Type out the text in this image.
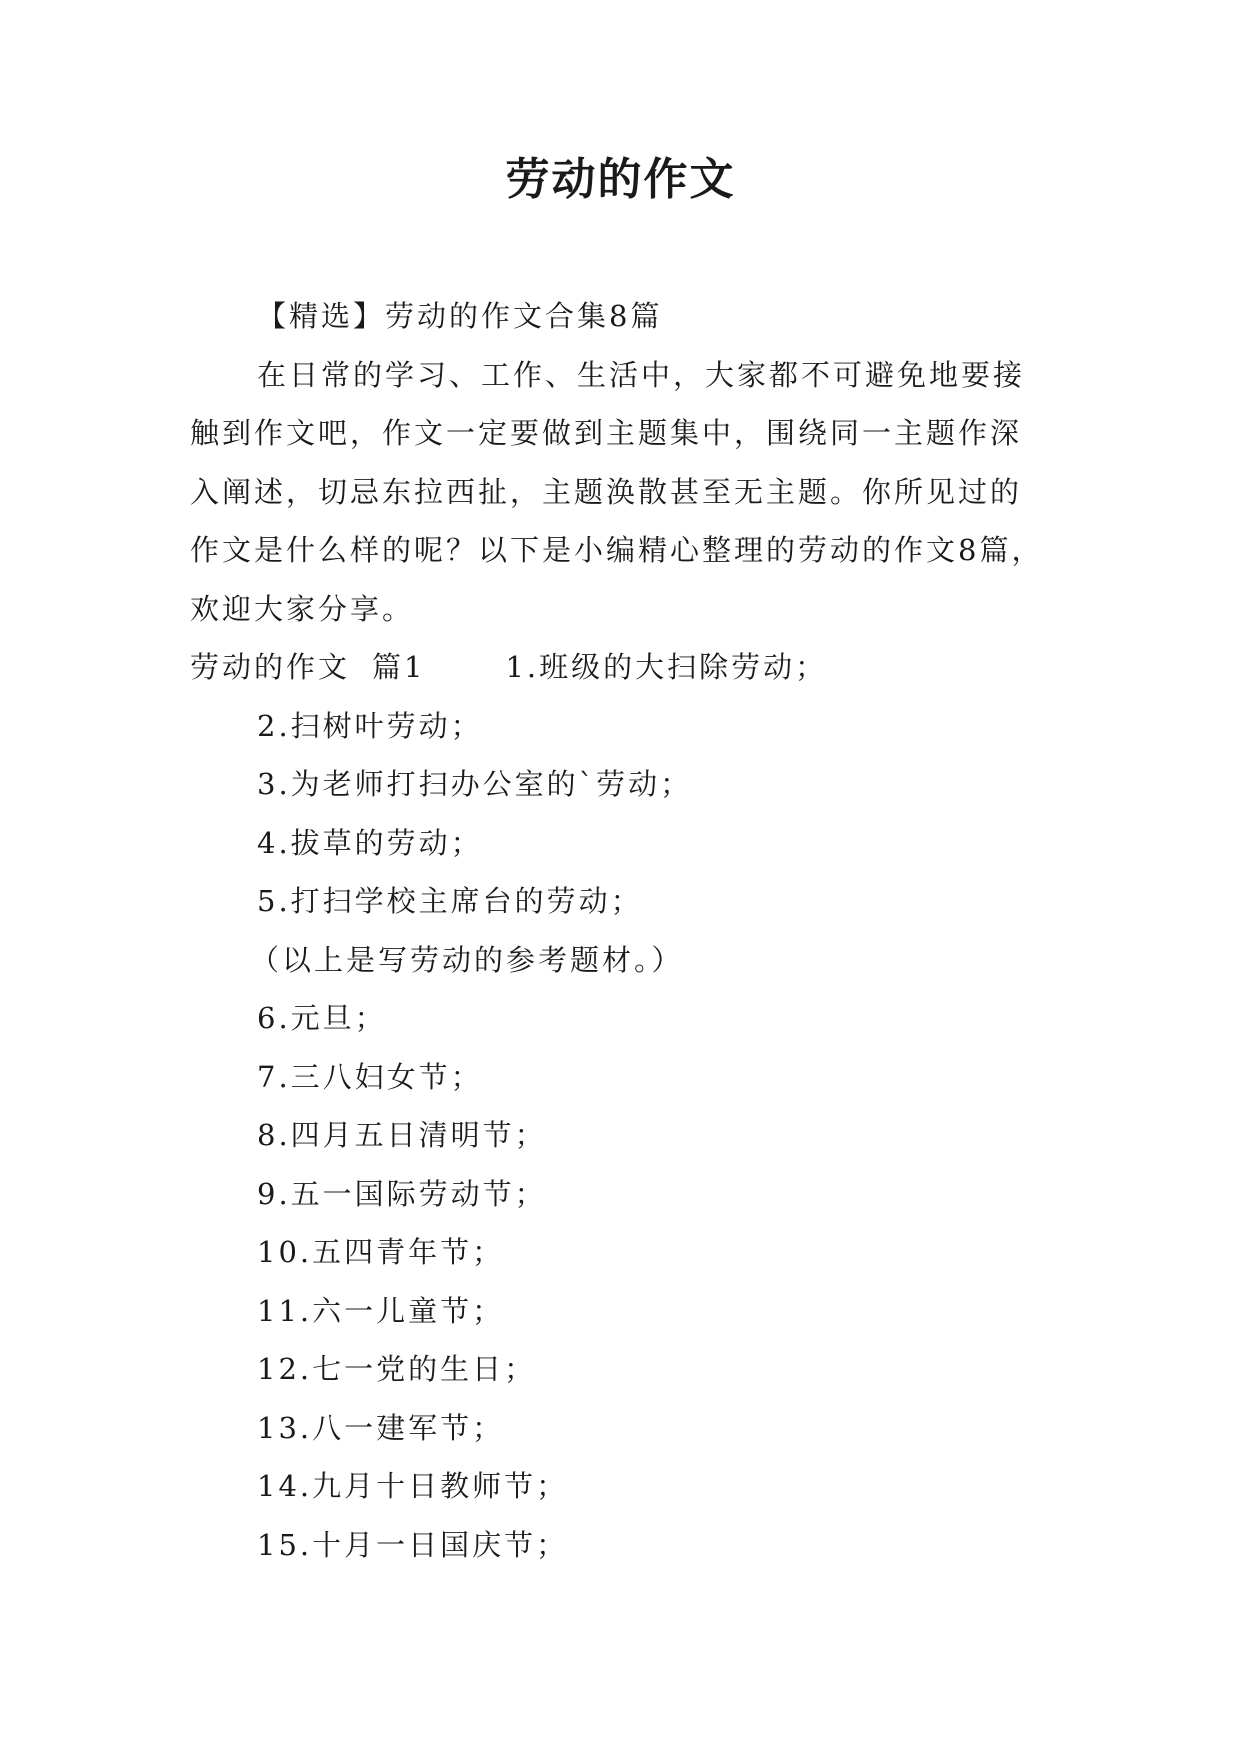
劳动的作文
【精选】劳动的作文合集8篇
在日常的学习、工作、生活中，大家都不可避免地要接
触到作文吧，作文一定要做到主题集中，围绕同一主题作深
入阐述，切忌东拉西扯，主题涣散甚至无主题。你所见过的
作文是什么样的呢？以下是小编精心整理的劳动的作文8篇，
欢迎大家分享。
劳动的作文 篇1	1.班级的大扫除劳动；
2.扫树叶劳动；
3.为老师打扫办公室的`劳动；
4.拔草的劳动；
5.打扫学校主席台的劳动；
（以上是写劳动的参考题材。）
6.元旦；
7.三八妇女节；
8.四月五日清明节；
9.五一国际劳动节；
10.五四青年节；
11.六一儿童节；
12.七一党的生日；
13.八一建军节；
14.九月十日教师节；
15.十月一日国庆节；
